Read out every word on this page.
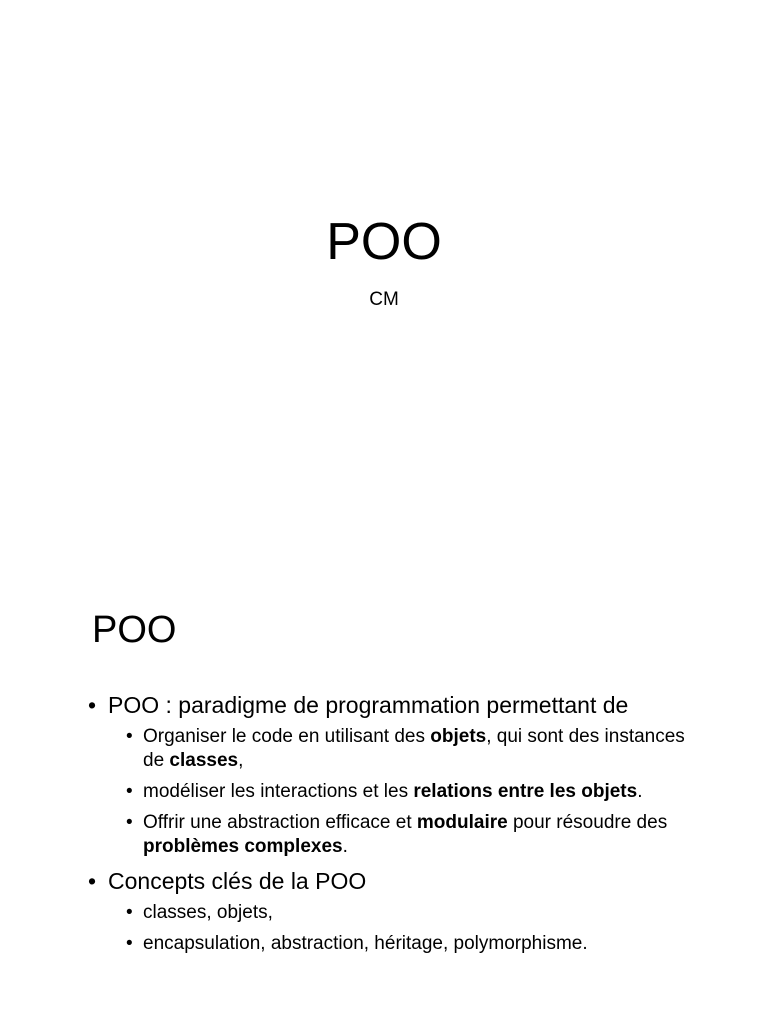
POO

CM

POO
• POO : paradigme de programmation permettant de
• Organiser le code en utilisant des objets, qui sont des instances de classes,
• modéliser les interactions et les relations entre les objets.
• Offrir une abstraction efficace et modulaire pour résoudre des problèmes complexes.
• Concepts clés de la POO
• classes, objets,
• encapsulation, abstraction, héritage, polymorphisme.
